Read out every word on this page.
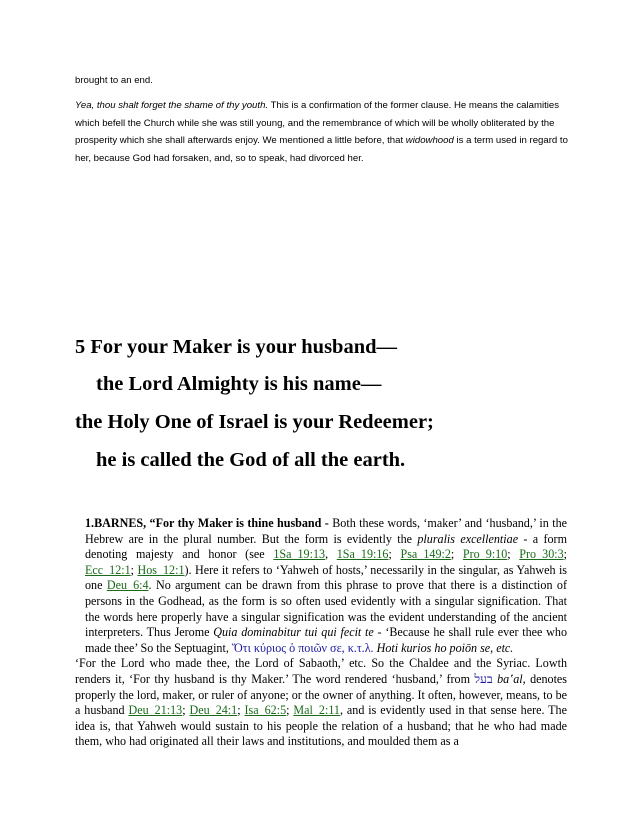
brought to an end.

Yea, thou shalt forget the shame of thy youth. This is a confirmation of the former clause. He means the calamities which befell the Church while she was still young, and the remembrance of which will be wholly obliterated by the prosperity which she shall afterwards enjoy. We mentioned a little before, that widowhood is a term used in regard to her, because God had forsaken, and, so to speak, had divorced her.

5 For your Maker is your husband—
the Lord Almighty is his name—
the Holy One of Israel is your Redeemer;
he is called the God of all the earth.

1.BARNES, “For thy Maker is thine husband - Both these words, ‘maker’ and ‘husband,’ in the Hebrew are in the plural number. But the form is evidently the pluralis excellentiae - a form denoting majesty and honor (see 1Sa_19:13, 1Sa_19:16; Psa_149:2; Pro_9:10; Pro_30:3; Ecc_12:1; Hos_12:1). Here it refers to ‘Yahweh of hosts,’ necessarily in the singular, as Yahweh is one Deu_6:4. No argument can be drawn from this phrase to prove that there is a distinction of persons in the Godhead, as the form is so often used evidently with a singular signification. That the words here properly have a singular signification was the evident understanding of the ancient interpreters. Thus Jerome Quia dominabitur tui qui fecit te - ‘Because he shall rule ever thee who made thee’ So the Septuagint, Ὅτι κύριος ὁ ποιῶν σε, κ.τ.λ. Hoti kurios ho poiōn se, etc.

‘For the Lord who made thee, the Lord of Sabaoth,’ etc. So the Chaldee and the Syriac. Lowth renders it, ‘For thy husband is thy Maker.’ The word rendered ‘husband,’ from בעל ba‛al, denotes properly the lord, maker, or ruler of anyone; or the owner of anything. It often, however, means, to be a husband Deu_21:13; Deu_24:1; Isa_62:5; Mal_2:11, and is evidently used in that sense here. The idea is, that Yahweh would sustain to his people the relation of a husband; that he who had made them, who had originated all their laws and institutions, and moulded them as a
